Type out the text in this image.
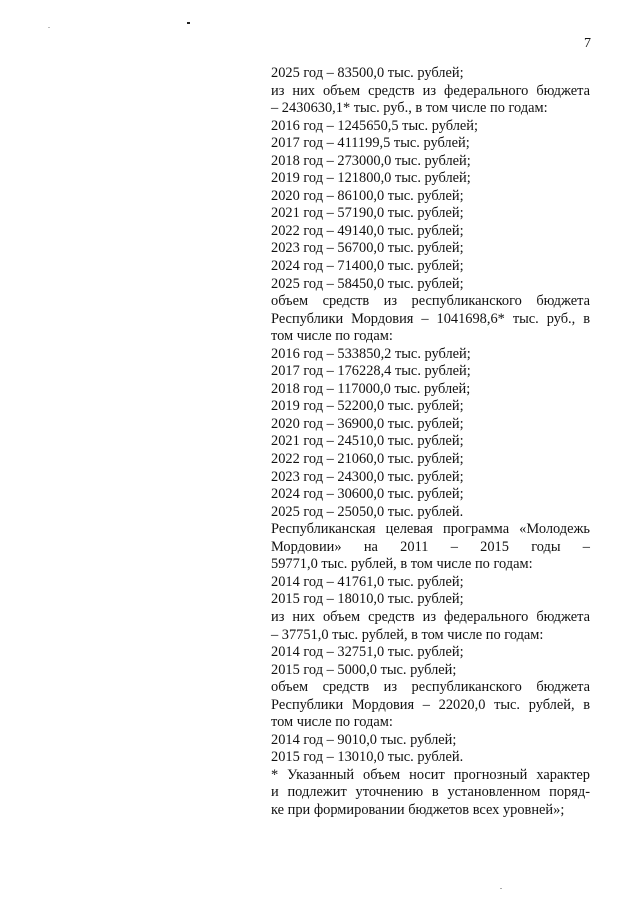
7
2025 год – 83500,0 тыс. рублей;
из них объем средств из федерального бюджета
– 2430630,1* тыс. руб., в том числе по годам:
2016 год – 1245650,5 тыс. рублей;
2017 год – 411199,5 тыс. рублей;
2018 год – 273000,0 тыс. рублей;
2019 год – 121800,0 тыс. рублей;
2020 год – 86100,0 тыс. рублей;
2021 год – 57190,0 тыс. рублей;
2022 год – 49140,0 тыс. рублей;
2023 год – 56700,0 тыс. рублей;
2024 год – 71400,0 тыс. рублей;
2025 год – 58450,0 тыс. рублей;
объем средств из республиканского бюджета
Республики Мордовия – 1041698,6* тыс. руб., в
том числе по годам:
2016 год – 533850,2 тыс. рублей;
2017 год – 176228,4 тыс. рублей;
2018 год – 117000,0 тыс. рублей;
2019 год – 52200,0 тыс. рублей;
2020 год – 36900,0 тыс. рублей;
2021 год – 24510,0 тыс. рублей;
2022 год – 21060,0 тыс. рублей;
2023 год – 24300,0 тыс. рублей;
2024 год – 30600,0 тыс. рублей;
2025 год – 25050,0 тыс. рублей.
Республиканская целевая программа «Молодежь
Мордовии» на 2011 – 2015 годы –
59771,0 тыс. рублей, в том числе по годам:
2014 год – 41761,0 тыс. рублей;
2015 год – 18010,0 тыс. рублей;
из них объем средств из федерального бюджета
– 37751,0 тыс. рублей, в том числе по годам:
2014 год – 32751,0 тыс. рублей;
2015 год – 5000,0 тыс. рублей;
объем средств из республиканского бюджета
Республики Мордовия – 22020,0 тыс. рублей, в
том числе по годам:
2014 год – 9010,0 тыс. рублей;
2015 год – 13010,0 тыс. рублей.
* Указанный объем носит прогнозный характер
и подлежит уточнению в установленном поряд-
ке при формировании бюджетов всех уровней»;
